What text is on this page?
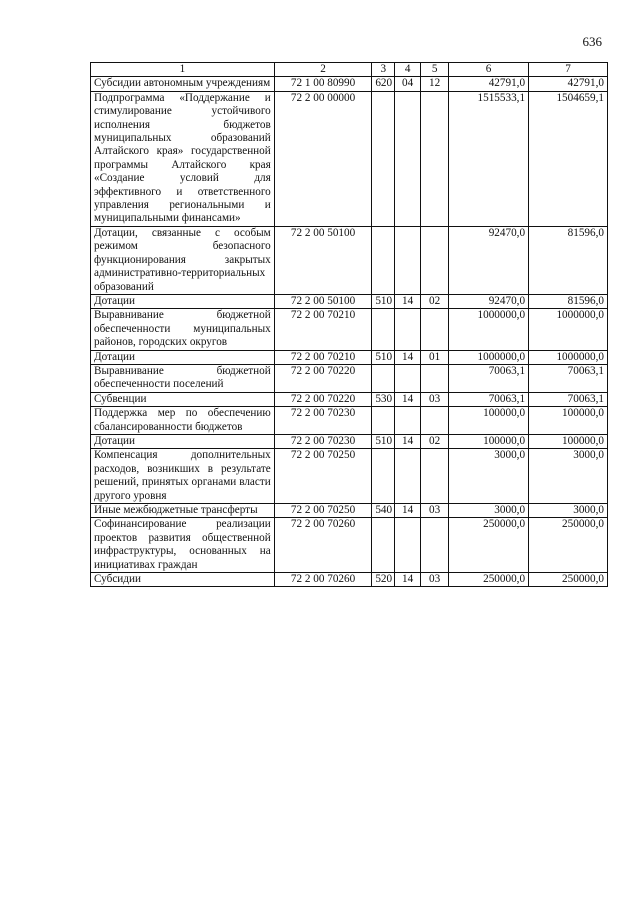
636
1	2	3	4	5	6	7
Субсидии автономным учреждениям	72 1 00 80990	620	04	12	42791,0	42791,0
Подпрограмма «Поддержание и стимулирование устойчивого исполнения бюджетов муниципальных образований Алтайского края» государственной программы Алтайского края «Создание условий для эффективного и ответственного управления региональными и муниципальными финансами»	72 2 00 00000				1515533,1	1504659,1
Дотации, связанные с особым режимом безопасного функционирования закрытых административно-территориальных образований	72 2 00 50100				92470,0	81596,0
Дотации	72 2 00 50100	510	14	02	92470,0	81596,0
Выравнивание бюджетной обеспеченности муниципальных районов, городских округов	72 2 00 70210				1000000,0	1000000,0
Дотации	72 2 00 70210	510	14	01	1000000,0	1000000,0
Выравнивание бюджетной обеспеченности поселений	72 2 00 70220				70063,1	70063,1
Субвенции	72 2 00 70220	530	14	03	70063,1	70063,1
Поддержка мер по обеспечению сбалансированности бюджетов	72 2 00 70230				100000,0	100000,0
Дотации	72 2 00 70230	510	14	02	100000,0	100000,0
Компенсация дополнительных расходов, возникших в результате решений, принятых органами власти другого уровня	72 2 00 70250				3000,0	3000,0
Иные межбюджетные трансферты	72 2 00 70250	540	14	03	3000,0	3000,0
Софинансирование реализации проектов развития общественной инфраструктуры, основанных на инициативах граждан	72 2 00 70260				250000,0	250000,0
Субсидии	72 2 00 70260	520	14	03	250000,0	250000,0
